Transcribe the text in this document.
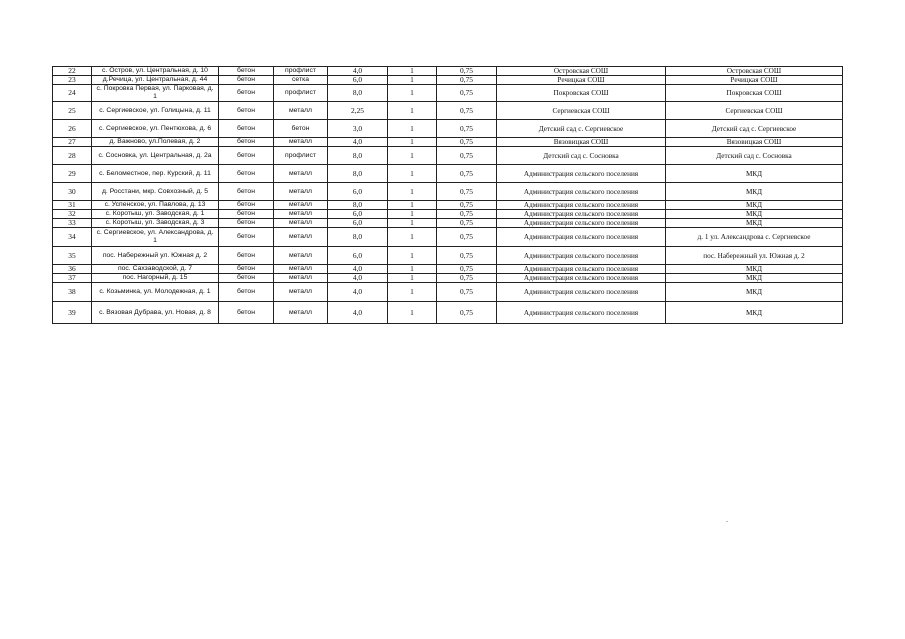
22	с. Остров, ул. Центральная, д. 10	бетон	профлист	4,0	1	0,75	Островская СОШ	Островская СОШ
23	д.Речица, ул. Центральная, д. 44	бетон	сетка	6,0	1	0,75	Речицкая СОШ	Речицкая СОШ
24	с. Покровка Первая, ул. Парковая, д. 1	бетон	профлист	8,0	1	0,75	Покровская СОШ	Покровская СОШ
25	с. Сергиевское, ул. Голицына, д. 11	бетон	металл	2,25	1	0,75	Сергиевская СОШ	Сергиевская СОШ
26	с. Сергиевское, ул. Пентюхова, д. 6	бетон	бетон	3,0	1	0,75	Детский сад с. Сергиевское	Детский сад с. Сергиевское
27	д. Важново, ул.Полевая, д. 2	бетон	металл	4,0	1	0,75	Вязовицкая СОШ	Вязовицкая СОШ
28	с. Сосновка, ул. Центральная, д. 2а	бетон	профлист	8,0	1	0,75	Детский сад с. Сосновка	Детский сад с. Сосновка
29	с. Беломестное, пер. Курский, д. 11	бетон	металл	8,0	1	0,75	Администрация сельского поселения	МКД
30	д. Росстани, мкр. Совхозный, д. 5	бетон	металл	6,0	1	0,75	Администрация сельского поселения	МКД
31	с. Успенское, ул. Павлова, д. 13	бетон	металл	8,0	1	0,75	Администрация сельского поселения	МКД
32	с. Коротыш, ул. Заводская, д. 1	бетон	металл	6,0	1	0,75	Администрация сельского поселения	МКД
33	с. Коротыш, ул. Заводская, д. 3	бетон	металл	6,0	1	0,75	Администрация сельского поселения	МКД
34	с. Сергиевское, ул. Александрова, д. 1	бетон	металл	8,0	1	0,75	Администрация сельского поселения	д. 1 ул. Александрова с. Сергиевское
35	пос. Набережный ул. Южная д. 2	бетон	металл	6,0	1	0,75	Администрация сельского поселения	пос. Набережный ул. Южная д. 2
36	пос. Сахзаводской, д. 7	бетон	металл	4,0	1	0,75	Администрация сельского поселения	МКД
37	пос. Нагорный, д. 15	бетон	металл	4,0	1	0,75	Администрация сельского поселения	МКД
38	с. Козьминка, ул. Молодежная, д. 1	бетон	металл	4,0	1	0,75	Администрация сельского поселения	МКД
39	с. Вязовая Дубрава, ул. Новая, д. 8	бетон	металл	4,0	1	0,75	Администрация сельского поселения	МКД
